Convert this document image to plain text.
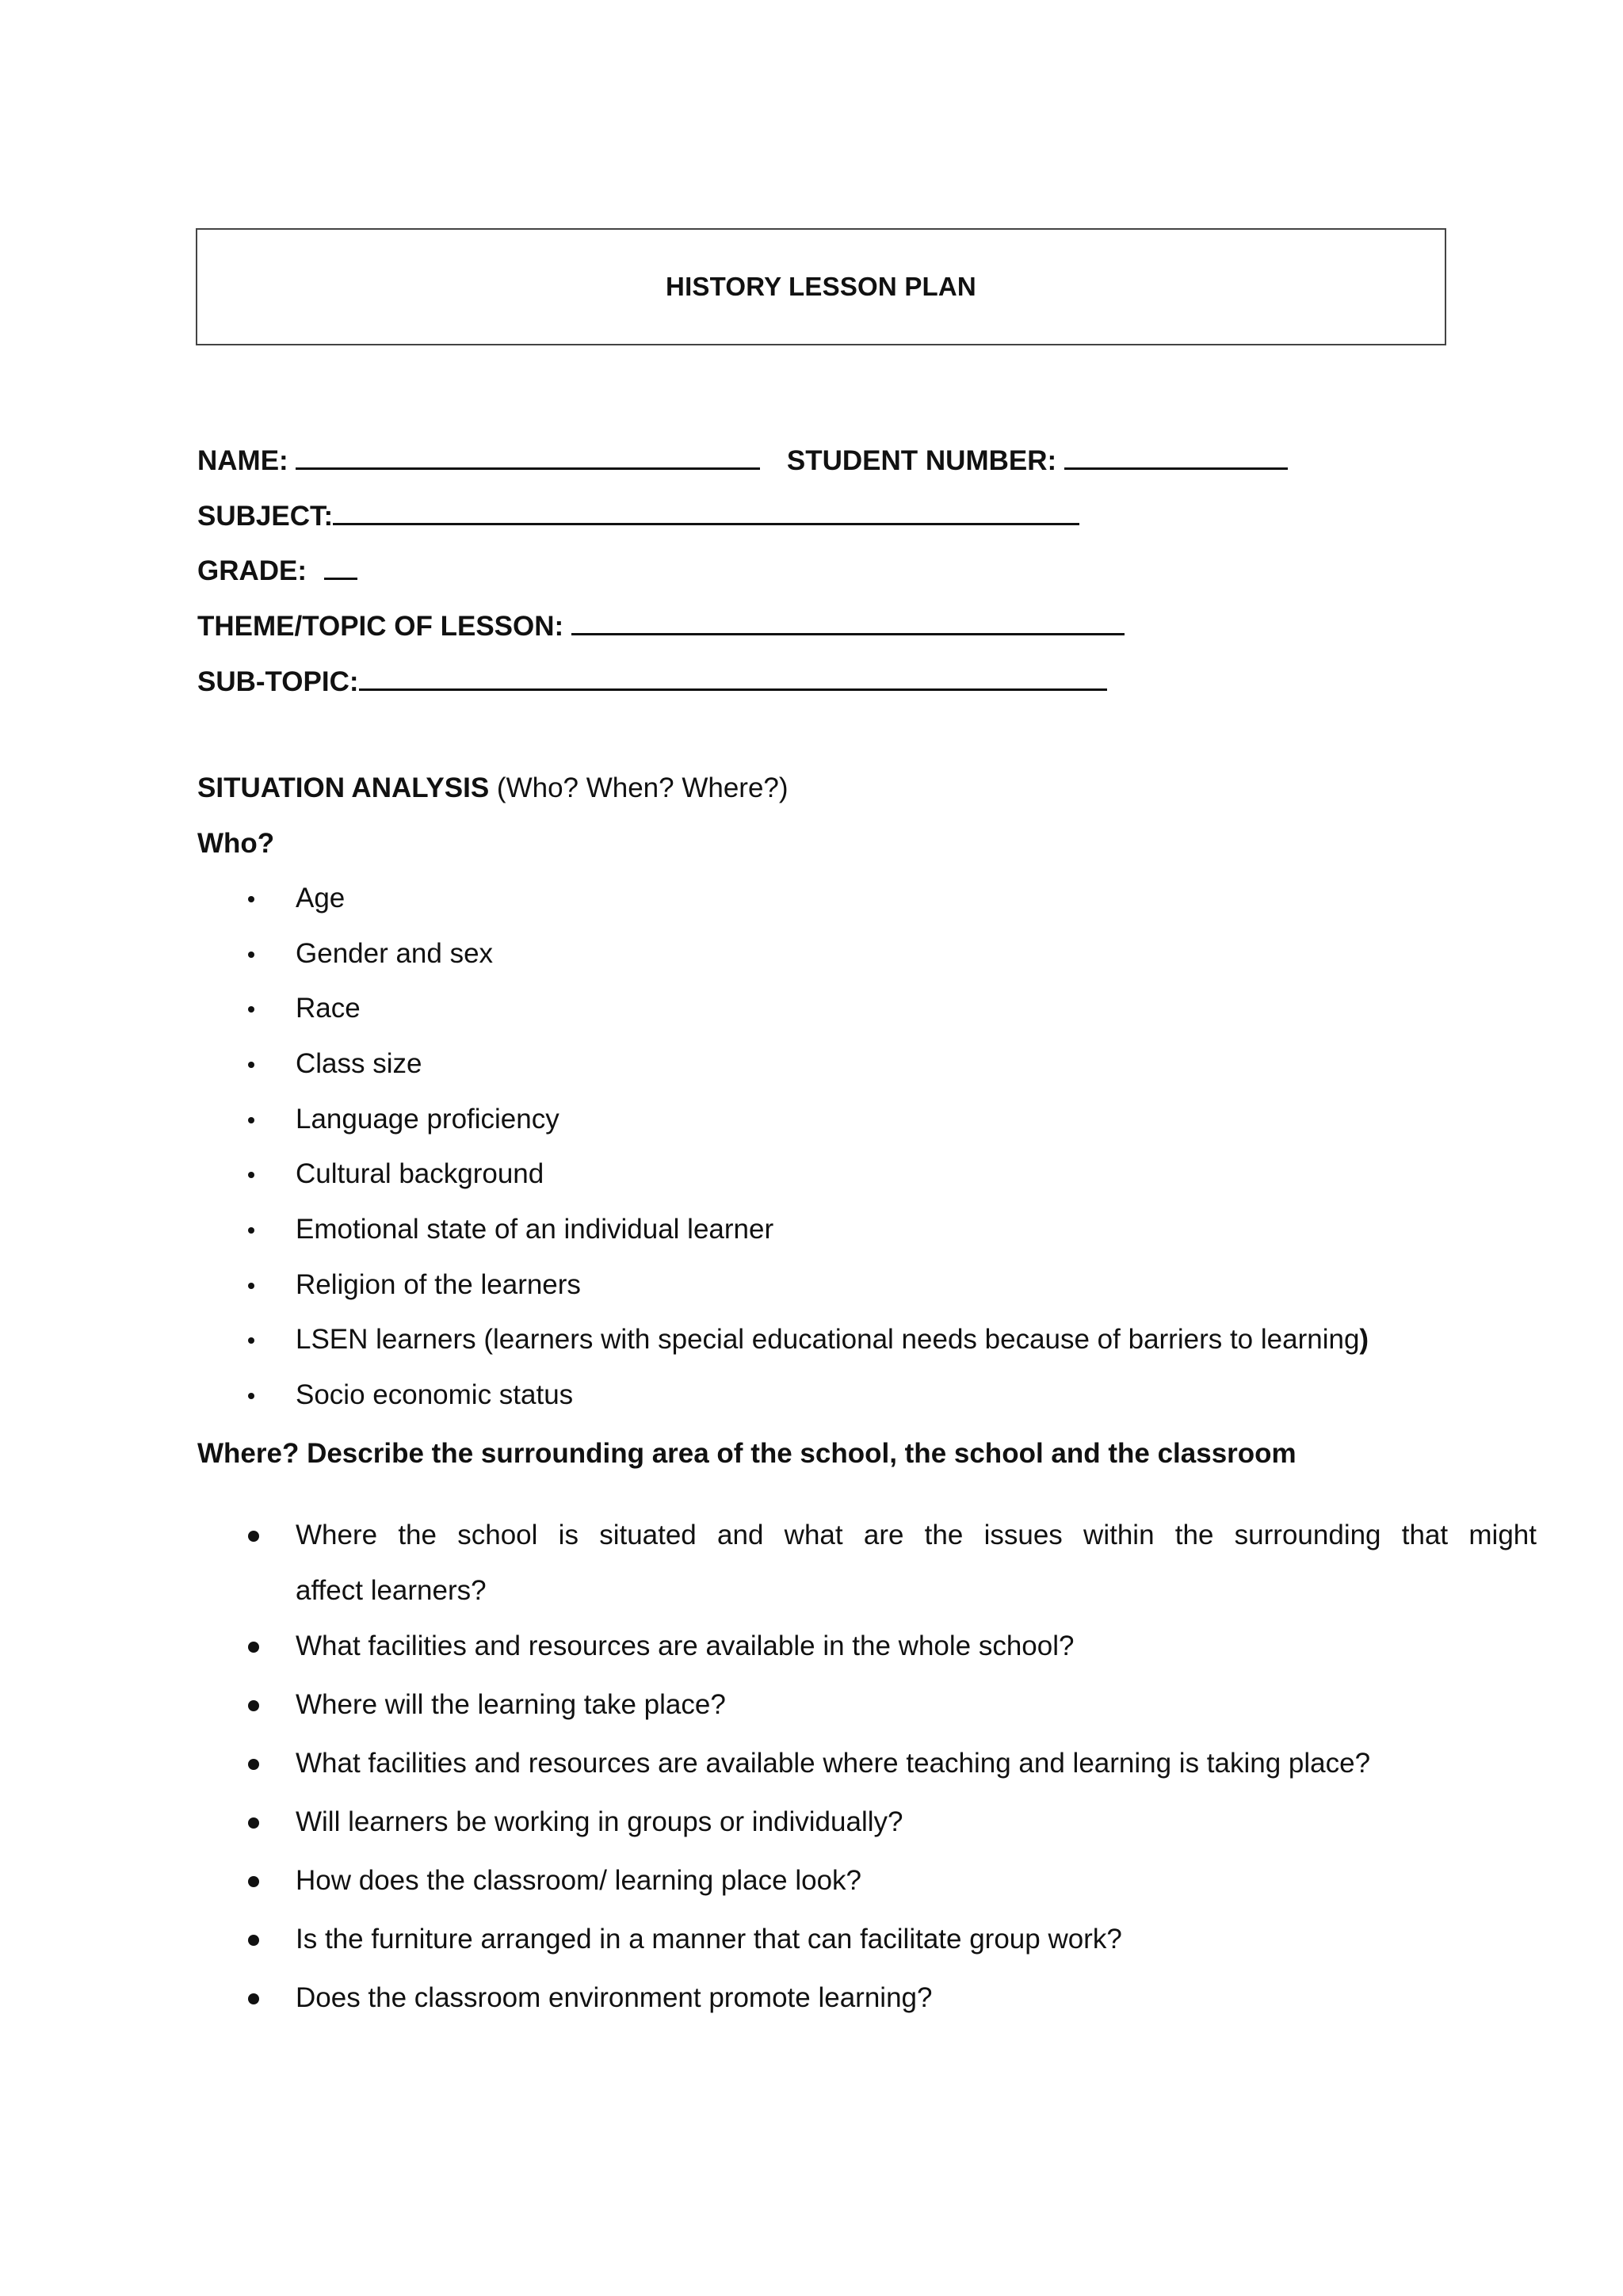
HISTORY LESSON PLAN
NAME:	STUDENT NUMBER:
SUBJECT:
GRADE:
THEME/TOPIC OF LESSON:
SUB-TOPIC:
SITUATION ANALYSIS (Who? When? Where?)
Who?
Age
Gender and sex
Race
Class size
Language proficiency
Cultural background
Emotional state of an individual learner
Religion of the learners
LSEN learners (learners with special educational needs because of barriers to learning)
Socio economic status
Where? Describe the surrounding area of the school, the school and the classroom
Where the school is situated and what are the issues within the surrounding that might
affect learners?
What facilities and resources are available in the whole school?
Where will the learning take place?
What facilities and resources are available where teaching and learning is taking place?
Will learners be working in groups or individually?
How does the classroom/ learning place look?
Is the furniture arranged in a manner that can facilitate group work?
Does the classroom environment promote learning?
